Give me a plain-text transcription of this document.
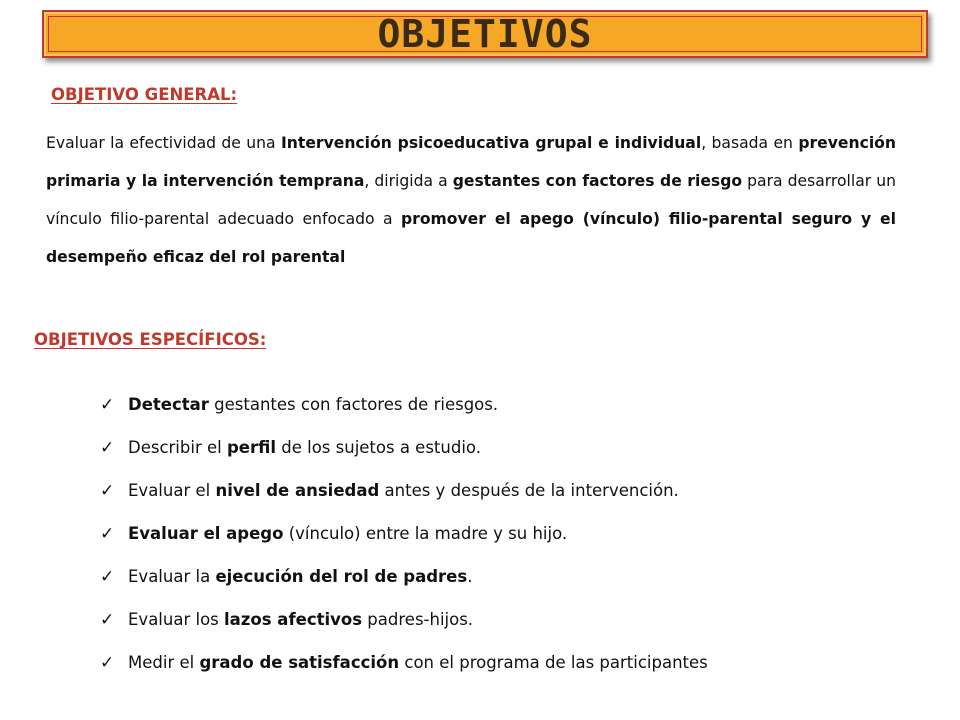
OBJETIVOS
OBJETIVO GENERAL:

Evaluar la efectividad de una Intervención psicoeducativa grupal e individual, basada en prevención primaria y la intervención temprana, dirigida a gestantes con factores de riesgo para desarrollar un vínculo filio-parental adecuado enfocado a promover el apego (vínculo) filio-parental seguro y el desempeño eficaz del rol parental

OBJETIVOS ESPECÍFICOS:
✓ Detectar gestantes con factores de riesgos.
✓ Describir el perfil de los sujetos a estudio.
✓ Evaluar el nivel de ansiedad antes y después de la intervención.
✓ Evaluar el apego (vínculo) entre la madre y su hijo.
✓ Evaluar la ejecución del rol de padres.
✓ Evaluar los lazos afectivos padres-hijos.
✓ Medir el grado de satisfacción con el programa de las participantes
